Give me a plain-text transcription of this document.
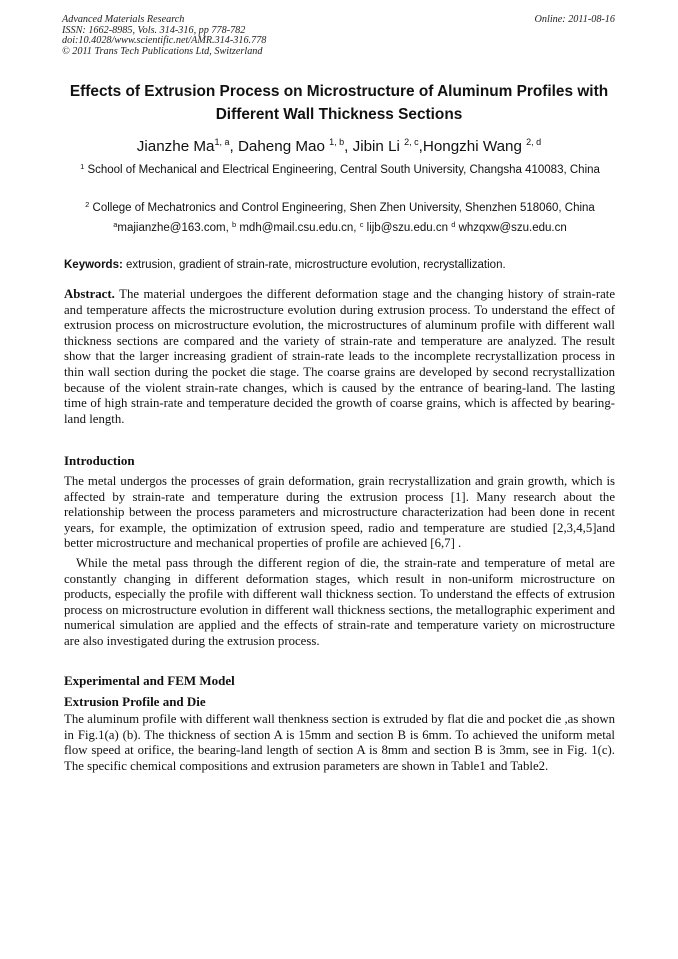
Advanced Materials Research
ISSN: 1662-8985, Vols. 314-316, pp 778-782
doi:10.4028/www.scientific.net/AMR.314-316.778
© 2011 Trans Tech Publications Ltd, Switzerland
Online: 2011-08-16
Effects of Extrusion Process on Microstructure of Aluminum Profiles with Different Wall Thickness Sections
Jianzhe Ma$^{1, a}$, Daheng Mao $^{1, b}$, Jibin Li $^{2, c}$,Hongzhi Wang $^{2, d}$
$^1$ School of Mechanical and Electrical Engineering, Central South University, Changsha 410083, China
$^2$ College of Mechatronics and Control Engineering, Shen Zhen University, Shenzhen 518060, China
$^a$majianzhe@163.com, $^b$ mdh@mail.csu.edu.cn, $^c$ lijb@szu.edu.cn $^d$ whzqxw@szu.edu.cn
Keywords: extrusion, gradient of strain-rate, microstructure evolution, recrystallization.
Abstract. The material undergoes the different deformation stage and the changing history of strain-rate and temperature affects the microstructure evolution during extrusion process. To understand the effect of extrusion process on microstructure evolution, the microstructures of aluminum profile with different wall thickness sections are compared and the variety of strain-rate and temperature are analyzed. The result show that the larger increasing gradient of strain-rate leads to the incomplete recrystallization process in thin wall section during the pocket die stage. The coarse grains are developed by second recrystallization because of the violent strain-rate changes, which is caused by the entrance of bearing-land. The lasting time of high strain-rate and temperature decided the growth of coarse grains, which is affected by bearing-land length.
Introduction
The metal undergos the processes of grain deformation, grain recrystallization and grain growth, which is affected by strain-rate and temperature during the extrusion process [1]. Many research about the relationship between the process parameters and microstructure characterization had been done in recent years, for example, the optimization of extrusion speed, radio and temperature are studied [2,3,4,5]and better microstructure and mechanical properties of profile are achieved [6,7] .
While the metal pass through the different region of die, the strain-rate and temperature of metal are constantly changing in different deformation stages, which result in non-uniform microstructure on products, especially the profile with different wall thickness section. To understand the effects of extrusion process on microstructure evolution in different wall thickness sections, the metallographic experiment and numerical simulation are applied and the effects of strain-rate and temperature variety on microstructure are also investigated during the extrusion process.
Experimental and FEM Model
Extrusion Profile and Die
The aluminum profile with different wall thenkness section is extruded by flat die and pocket die ,as shown in Fig.1(a) (b). The thickness of section A is 15mm and section B is 6mm. To achieved the uniform metal flow speed at orifice, the bearing-land length of section A is 8mm and section B is 3mm, see in Fig. 1(c). The specific chemical compositions and extrusion parameters are shown in Table1 and Table2.
